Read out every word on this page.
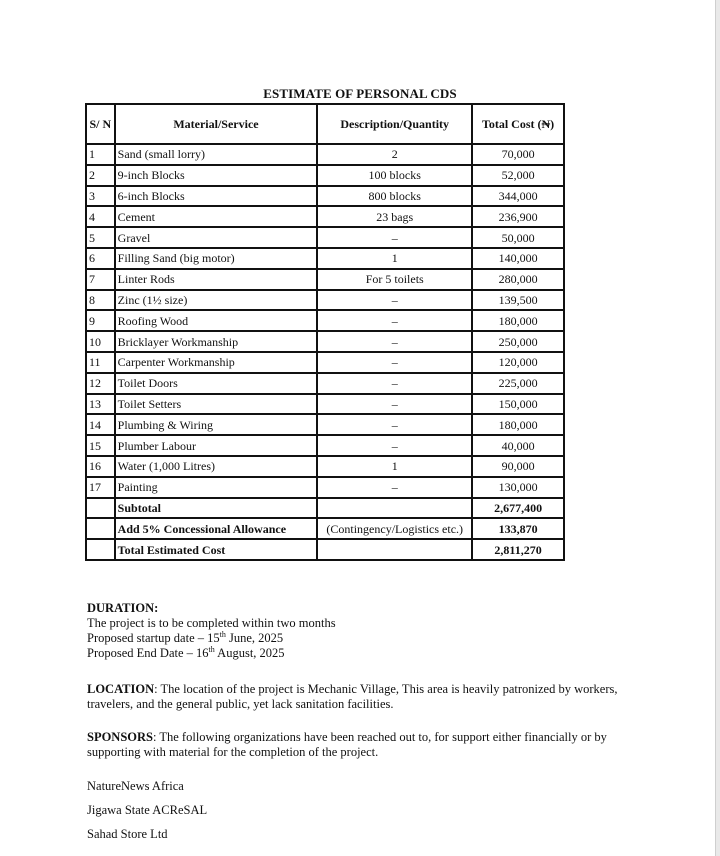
ESTIMATE OF PERSONAL CDS
S/ N	Material/Service	Description/Quantity	Total Cost (₦)
1	Sand (small lorry)	2	70,000
2	9-inch Blocks	100 blocks	52,000
3	6-inch Blocks	800 blocks	344,000
4	Cement	23 bags	236,900
5	Gravel	–	50,000
6	Filling Sand (big motor)	1	140,000
7	Linter Rods	For 5 toilets	280,000
8	Zinc (1½ size)	–	139,500
9	Roofing Wood	–	180,000
10	Bricklayer Workmanship	–	250,000
11	Carpenter Workmanship	–	120,000
12	Toilet Doors	–	225,000
13	Toilet Setters	–	150,000
14	Plumbing & Wiring	–	180,000
15	Plumber Labour	–	40,000
16	Water (1,000 Litres)	1	90,000
17	Painting	–	130,000
	Subtotal		2,677,400
	Add 5% Concessional Allowance	(Contingency/Logistics etc.)	133,870
	Total Estimated Cost		2,811,270
DURATION:
The project is to be completed within two months
Proposed startup date – 15th June, 2025
Proposed End Date – 16th August, 2025
LOCATION: The location of the project is Mechanic Village, This area is heavily patronized by workers, travelers, and the general public, yet lack sanitation facilities.
SPONSORS: The following organizations have been reached out to, for support either financially or by supporting with material for the completion of the project.
NatureNews Africa
Jigawa State ACReSAL
Sahad Store Ltd
